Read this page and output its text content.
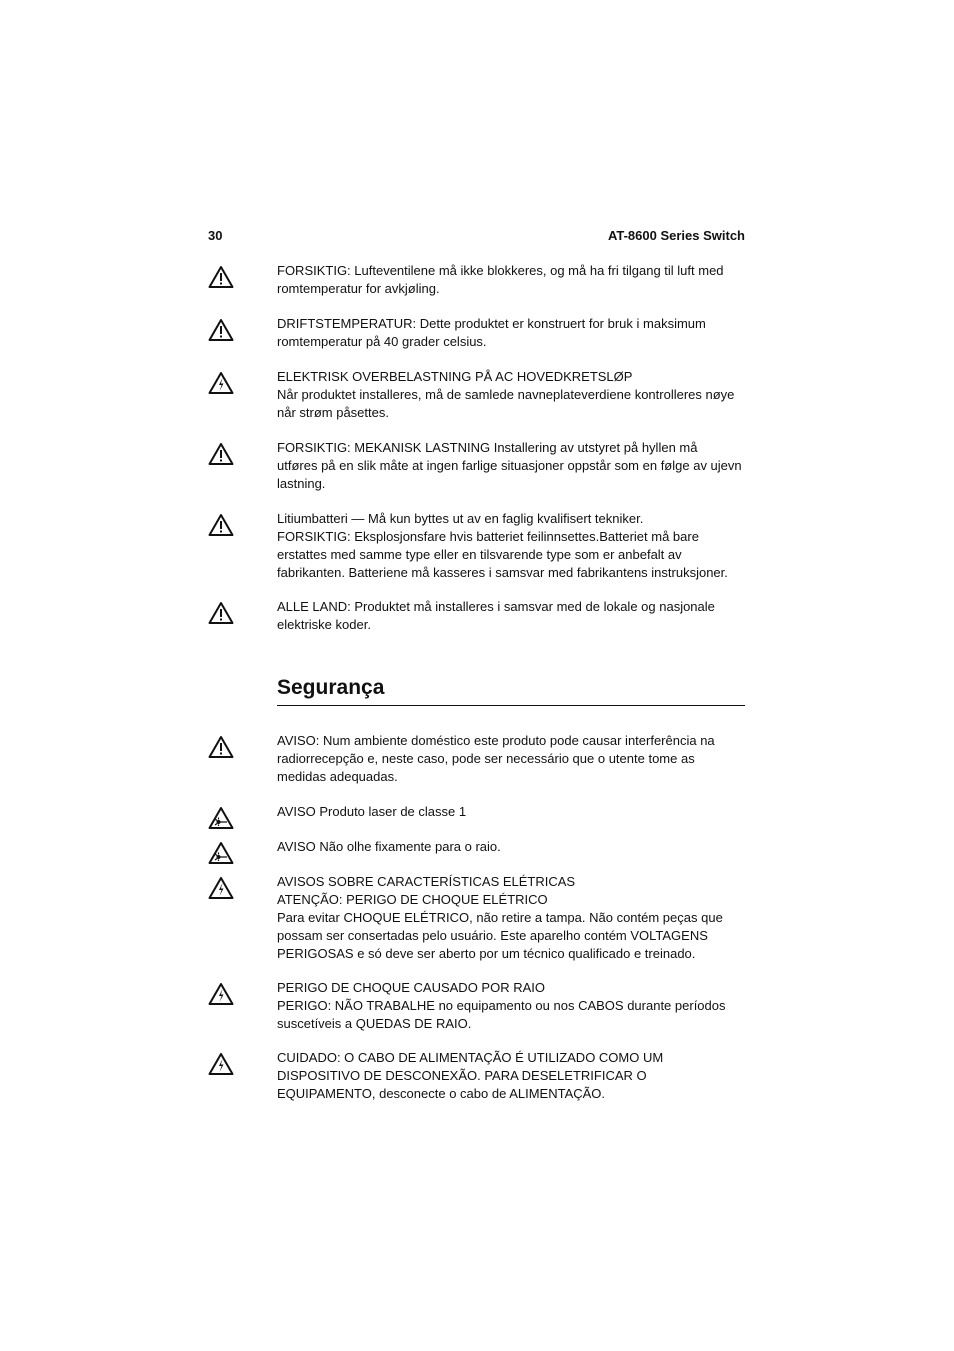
30	AT-8600 Series Switch

FORSIKTIG: Lufteventilene må ikke blokkeres, og må ha fri tilgang til luft med

romtemperatur for avkjøling.

DRIFTSTEMPERATUR: Dette produktet er konstruert for bruk i maksimum

romtemperatur på 40 grader celsius.

ELEKTRISK OVERBELASTNING PÅ AC HOVEDKRETSLØP

Når produktet installeres, må de samlede navneplateverdiene kontrolleres nøye

når strøm påsettes.

FORSIKTIG: MEKANISK LASTNING Installering av utstyret på hyllen må

utføres på en slik måte at ingen farlige situasjoner oppstår som en følge av ujevn

lastning.

Litiumbatteri — Må kun byttes ut av en faglig kvalifisert tekniker.

FORSIKTIG: Eksplosjonsfare hvis batteriet feilinnsettes.Batteriet må bare

erstattes med samme type eller en tilsvarende type som er anbefalt av

fabrikanten. Batteriene må kasseres i samsvar med fabrikantens instruksjoner.

ALLE LAND: Produktet må installeres i samsvar med de lokale og nasjonale

elektriske koder.

Segurança

AVISO: Num ambiente doméstico este produto pode causar interferência na

radiorrecepção e, neste caso, pode ser necessário que o utente tome as

medidas adequadas.

AVISO Produto laser de classe 1

AVISO Não olhe fixamente para o raio.

AVISOS SOBRE CARACTERÍSTICAS ELÉTRICAS

ATENÇÃO: PERIGO DE CHOQUE ELÉTRICO

Para evitar CHOQUE ELÉTRICO, não retire a tampa. Não contém peças que

possam ser consertadas pelo usuário. Este aparelho contém VOLTAGENS

PERIGOSAS e só deve ser aberto por um técnico qualificado e treinado.

PERIGO DE CHOQUE CAUSADO POR RAIO

PERIGO: NÃO TRABALHE no equipamento ou nos CABOS durante períodos

suscetíveis a QUEDAS DE RAIO.

CUIDADO: O CABO DE ALIMENTAÇÃO É UTILIZADO COMO UM

DISPOSITIVO DE DESCONEXÃO. PARA DESELETRIFICAR O

EQUIPAMENTO, desconecte o cabo de ALIMENTAÇÃO.
